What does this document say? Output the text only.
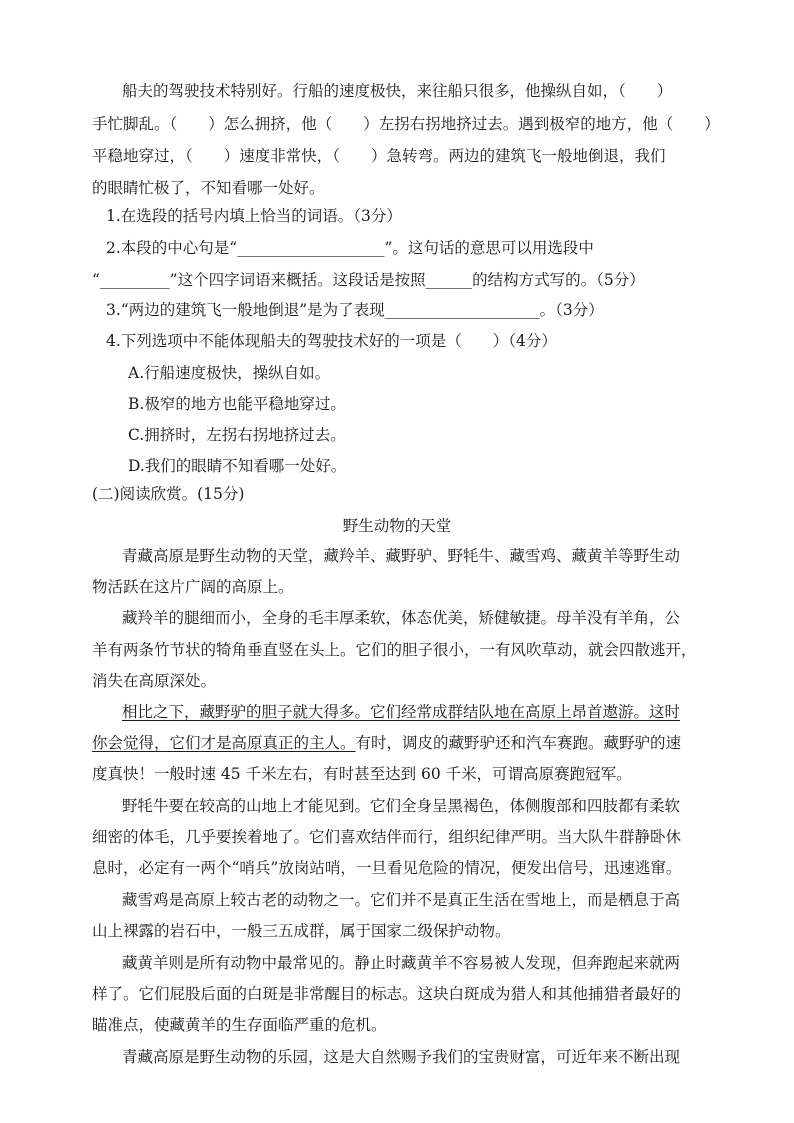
船夫的驾驶技术特别好。行船的速度极快，来往船只很多，他操纵自如，（　　）
手忙脚乱。（　　）怎么拥挤，他（　　）左拐右拐地挤过去。遇到极窄的地方，他（　　）
平稳地穿过，（　　）速度非常快，（　　）急转弯。两边的建筑飞一般地倒退，我们
的眼睛忙极了，不知看哪一处好。
1.在选段的括号内填上恰当的词语。（3分）
2.本段的中心句是“___________________”。这句话的意思可以用选段中
“_________”这个四字词语来概括。这段话是按照______的结构方式写的。（5分）
3.“两边的建筑飞一般地倒退”是为了表现____________________。（3分）
4.下列选项中不能体现船夫的驾驶技术好的一项是（　　）（4分）
A.行船速度极快，操纵自如。
B.极窄的地方也能平稳地穿过。
C.拥挤时，左拐右拐地挤过去。
D.我们的眼睛不知看哪一处好。
(二)阅读欣赏。(15分)
野生动物的天堂
青藏高原是野生动物的天堂，藏羚羊、藏野驴、野牦牛、藏雪鸡、藏黄羊等野生动
物活跃在这片广阔的高原上。
藏羚羊的腿细而小，全身的毛丰厚柔软，体态优美，矫健敏捷。母羊没有羊角，公
羊有两条竹节状的犄角垂直竖在头上。它们的胆子很小，一有风吹草动，就会四散逃开，
消失在高原深处。
相比之下，藏野驴的胆子就大得多。它们经常成群结队地在高原上昂首遨游。这时
你会觉得，它们才是高原真正的主人。有时，调皮的藏野驴还和汽车赛跑。藏野驴的速
度真快！一般时速 45 千米左右，有时甚至达到 60 千米，可谓高原赛跑冠军。
野牦牛要在较高的山地上才能见到。它们全身呈黑褐色，体侧腹部和四肢都有柔软
细密的体毛，几乎要挨着地了。它们喜欢结伴而行，组织纪律严明。当大队牛群静卧休
息时，必定有一两个“哨兵”放岗站哨，一旦看见危险的情况，便发出信号，迅速逃窜。
藏雪鸡是高原上较古老的动物之一。它们并不是真正生活在雪地上，而是栖息于高
山上裸露的岩石中，一般三五成群，属于国家二级保护动物。
藏黄羊则是所有动物中最常见的。静止时藏黄羊不容易被人发现，但奔跑起来就两
样了。它们屁股后面的白斑是非常醒目的标志。这块白斑成为猎人和其他捕猎者最好的
瞄准点，使藏黄羊的生存面临严重的危机。
青藏高原是野生动物的乐园，这是大自然赐予我们的宝贵财富，可近年来不断出现
